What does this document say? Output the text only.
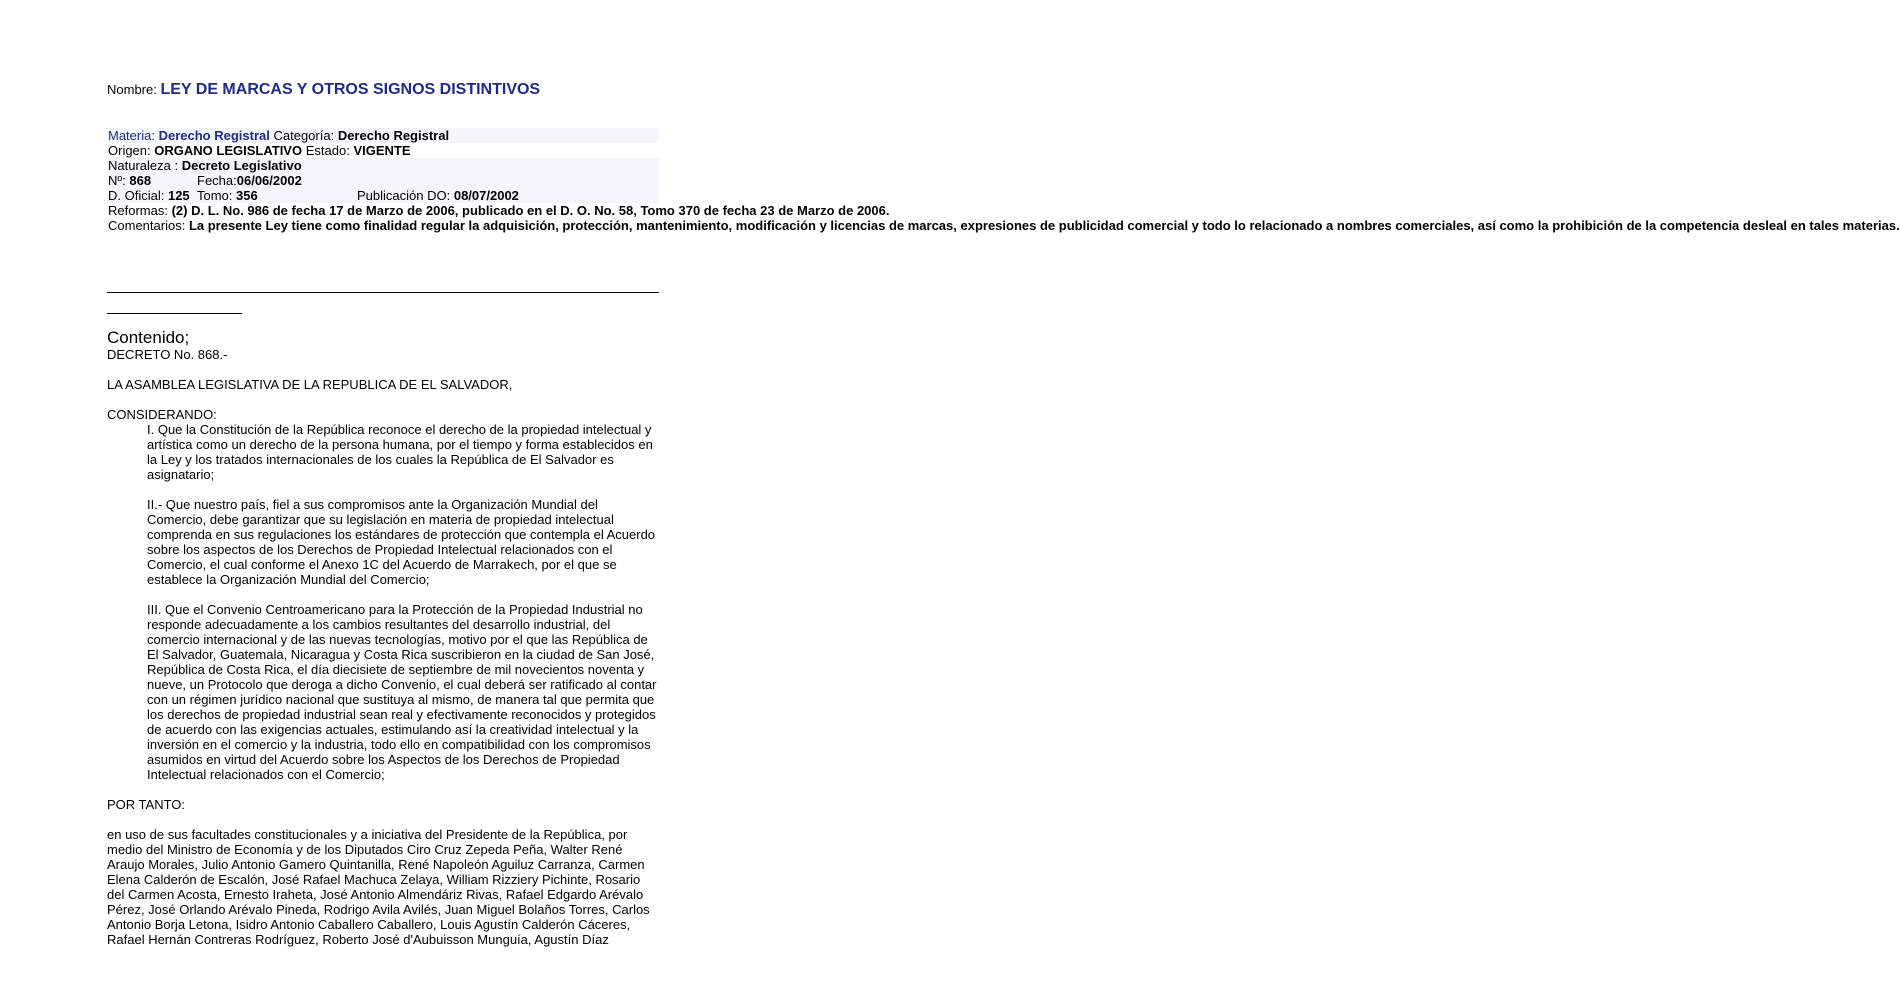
Nombre: LEY DE MARCAS Y OTROS SIGNOS DISTINTIVOS
Materia: Derecho Registral Categoría: Derecho Registral
Origen: ORGANO LEGISLATIVO Estado: VIGENTE
Naturaleza : Decreto Legislativo
Nº: 868	Fecha:06/06/2002
D. Oficial: 125 Tomo: 356	Publicación DO: 08/07/2002
Reformas: (2) D. L. No. 986 de fecha 17 de Marzo de 2006, publicado en el D. O. No. 58, Tomo 370 de fecha 23 de Marzo de 2006.
Comentarios: La presente Ley tiene como finalidad regular la adquisición, protección, mantenimiento, modificación y licencias de marcas, expresiones de publicidad comercial y todo lo relacionado a nombres comerciales, así como la prohibición de la competencia desleal en tales materias.
Contenido;

DECRETO No. 868.-

LA ASAMBLEA LEGISLATIVA DE LA REPUBLICA DE EL SALVADOR,

CONSIDERANDO:

I. Que la Constitución de la República reconoce el derecho de la propiedad intelectual y artística como un derecho de la persona humana, por el tiempo y forma establecidos en la Ley y los tratados internacionales de los cuales la República de El Salvador es asignatario;

II.- Que nuestro país, fiel a sus compromisos ante la Organización Mundial del Comercio, debe garantizar que su legislación en materia de propiedad intelectual comprenda en sus regulaciones los estándares de protección que contempla el Acuerdo sobre los aspectos de los Derechos de Propiedad Intelectual relacionados con el Comercio, el cual conforme el Anexo 1C del Acuerdo de Marrakech, por el que se establece la Organización Mundial del Comercio;

III. Que el Convenio Centroamericano para la Protección de la Propiedad Industrial no responde adecuadamente a los cambios resultantes del desarrollo industrial, del comercio internacional y de las nuevas tecnologías, motivo por el que las República de El Salvador, Guatemala, Nicaragua y Costa Rica suscribieron en la ciudad de San José, República de Costa Rica, el día diecisiete de septiembre de mil novecientos noventa y nueve, un Protocolo que deroga a dicho Convenio, el cual deberá ser ratificado al contar con un régimen jurídico nacional que sustituya al mismo, de manera tal que permita que los derechos de propiedad industrial sean real y efectivamente reconocidos y protegidos de acuerdo con las exigencias actuales, estimulando así la creatividad intelectual y la inversión en el comercio y la industria, todo ello en compatibilidad con los compromisos asumidos en virtud del Acuerdo sobre los Aspectos de los Derechos de Propiedad Intelectual relacionados con el Comercio;

POR TANTO:

en uso de sus facultades constitucionales y a iniciativa del Presidente de la República, por medio del Ministro de Economía y de los Diputados Ciro Cruz Zepeda Peña, Walter René Araujo Morales, Julio Antonio Gamero Quintanilla, René Napoleón Aguiluz Carranza, Carmen Elena Calderón de Escalón, José Rafael Machuca Zelaya, William Rizziery Pichinte, Rosario del Carmen Acosta, Ernesto Iraheta, José Antonio Almendáriz Rivas, Rafael Edgardo Arévalo Pérez, José Orlando Arévalo Pineda, Rodrigo Avila Avilés, Juan Miguel Bolaños Torres, Carlos Antonio Borja Letona, Isidro Antonio Caballero Caballero, Louis Agustín Calderón Cáceres, Rafael Hernán Contreras Rodríguez, Roberto José d'Aubuisson Munguía, Agustín Díaz
